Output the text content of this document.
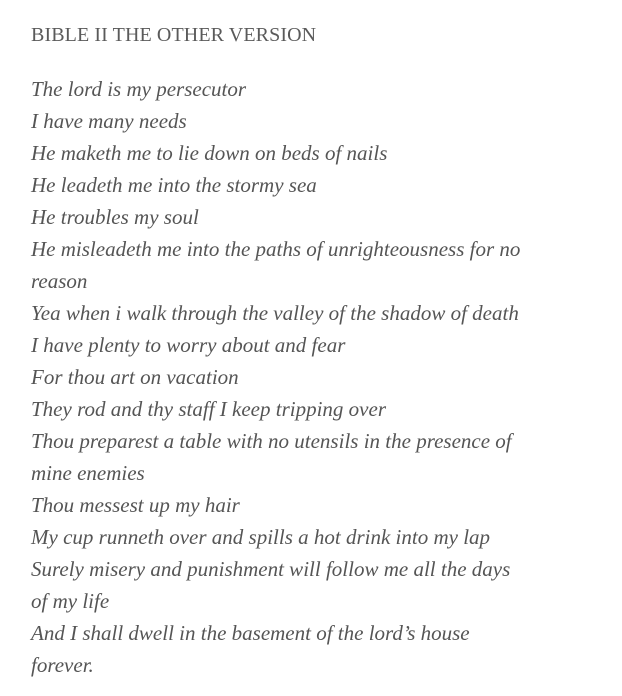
BIBLE II THE OTHER VERSION
The lord is my persecutor
I have many needs
He maketh me to lie down on beds of nails
He leadeth me into the stormy sea
He troubles my soul
He misleadeth me into the paths of unrighteousness for no
reason
Yea when i walk through the valley of the shadow of death
I have plenty to worry about and fear
For thou art on vacation
They rod and thy staff I keep tripping over
Thou preparest a table with no utensils in the presence of
mine enemies
Thou messest up my hair
My cup runneth over and spills a hot drink into my lap
Surely misery and punishment will follow me all the days
of my life
And I shall dwell in the basement of the lord’s house
forever.
